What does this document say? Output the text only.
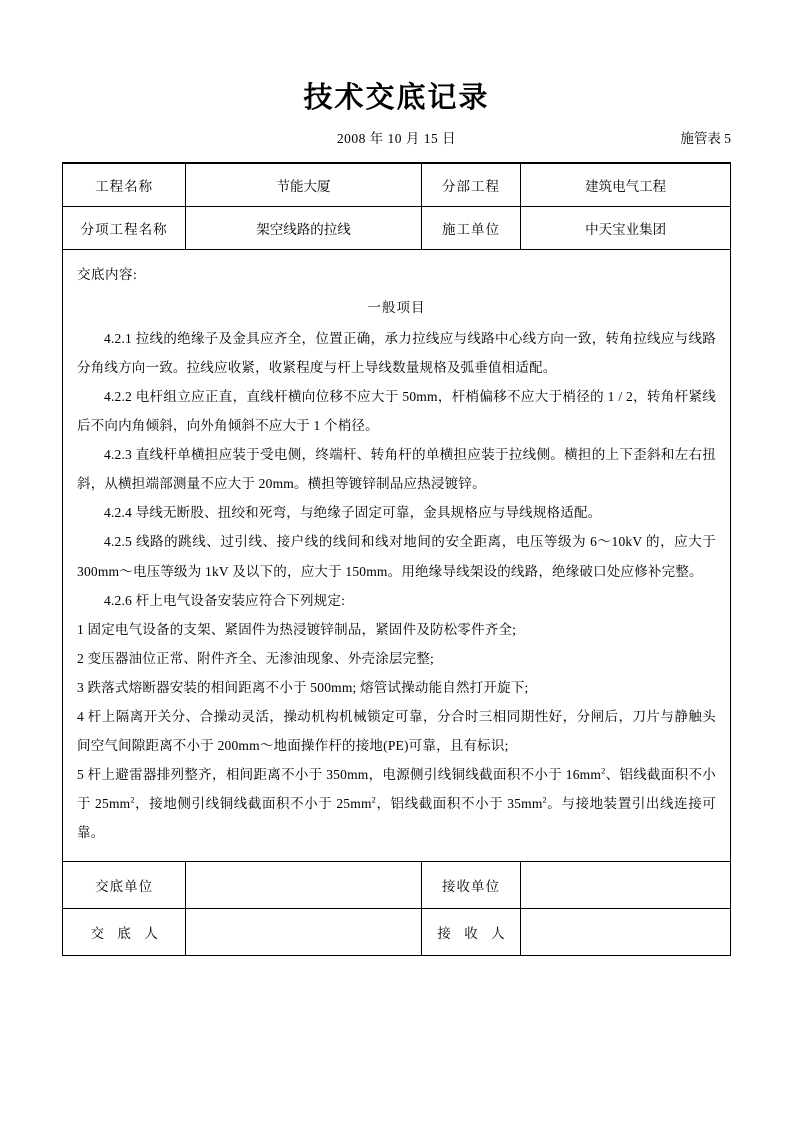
技术交底记录
2008 年 10 月 15 日	施管表 5
工程名称	节能大厦	分部工程	建筑电气工程
分项工程名称	架空线路的拉线	施工单位	中天宝业集团

交底内容:

一般项目

4.2.1 拉线的绝缘子及金具应齐全，位置正确，承力拉线应与线路中心线方向一致，转角拉线应与线路分角线方向一致。拉线应收紧，收紧程度与杆上导线数量规格及弧垂值相适配。

4.2.2 电杆组立应正直，直线杆横向位移不应大于 50mm，杆梢偏移不应大于梢径的 1 / 2，转角杆紧线后不向内角倾斜，向外角倾斜不应大于 1 个梢径。

4.2.3 直线杆单横担应装于受电侧，终端杆、转角杆的单横担应装于拉线侧。横担的上下歪斜和左右扭斜，从横担端部测量不应大于 20mm。横担等镀锌制品应热浸镀锌。

4.2.4 导线无断股、扭绞和死弯，与绝缘子固定可靠，金具规格应与导线规格适配。

4.2.5 线路的跳线、过引线、接户线的线间和线对地间的安全距离，电压等级为 6～10kV 的，应大于 300mm～电压等级为 1kV 及以下的，应大于 150mm。用绝缘导线架设的线路，绝缘破口处应修补完整。

4.2.6 杆上电气设备安装应符合下列规定:

1 固定电气设备的支架、紧固件为热浸镀锌制品，紧固件及防松零件齐全;

2 变压器油位正常、附件齐全、无渗油现象、外壳涂层完整;

3 跌落式熔断器安装的相间距离不小于 500mm; 熔管试操动能自然打开旋下;

4 杆上隔离开关分、合操动灵活，操动机构机械锁定可靠，分合时三相同期性好，分闸后，刀片与静触头间空气间隙距离不小于 200mm～地面操作杆的接地(PE)可靠，且有标识;

5 杆上避雷器排列整齐，相间距离不小于 350mm，电源侧引线铜线截面积不小于 $16mm^2$、铝线截面积不小于 $25mm^2$，接地侧引线铜线截面积不小于 $25mm^2$，铝线截面积不小于 $35mm^2$。与接地装置引出线连接可靠。

交底单位		接收单位	
交 底 人		接 收 人	
